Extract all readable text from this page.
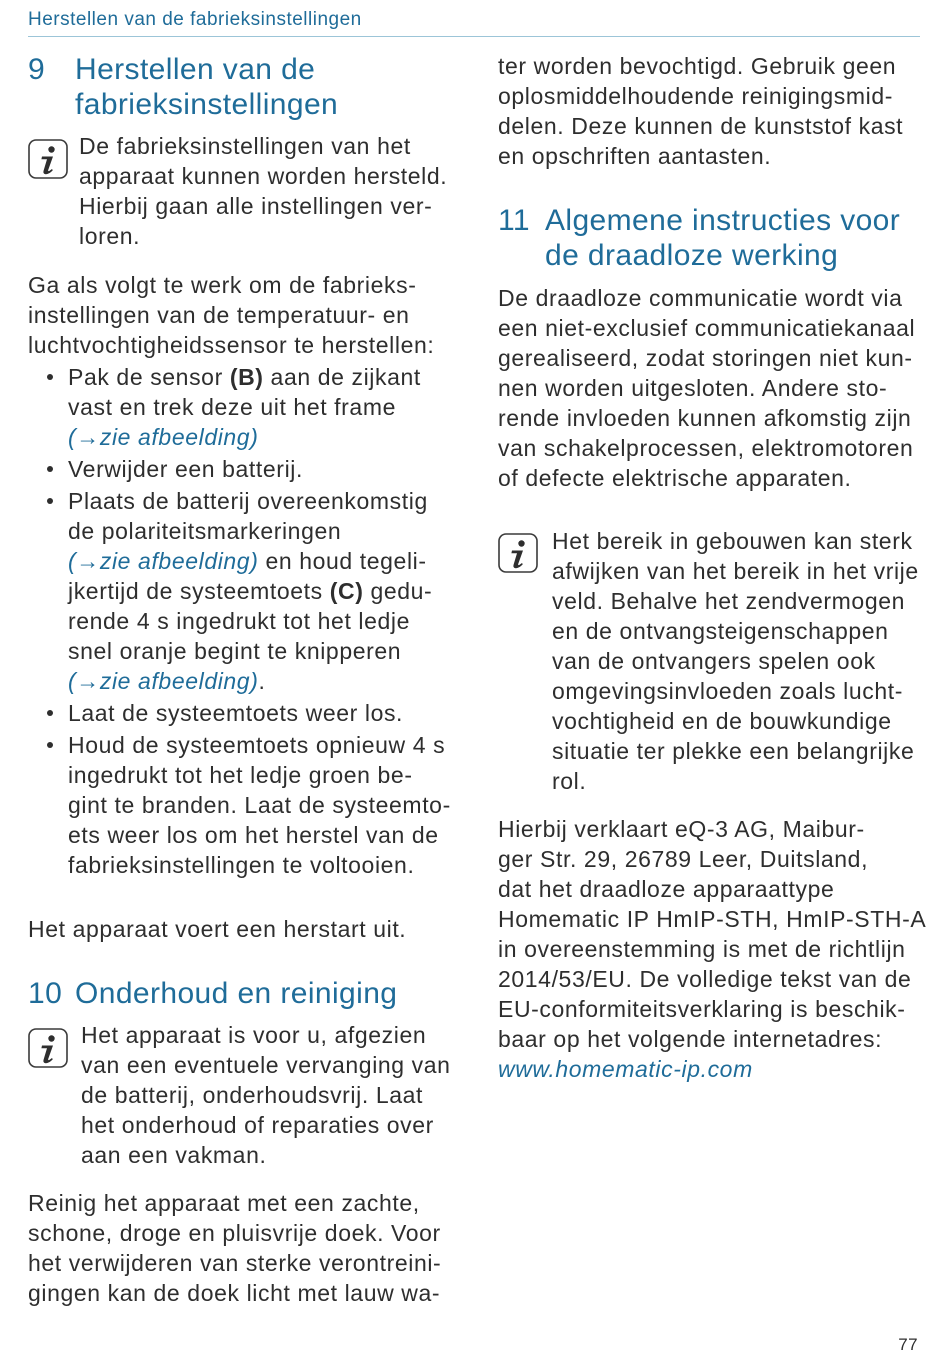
Herstellen van de fabrieksinstellingen
9 Herstellen van de
fabrieksinstellingen
De fabrieksinstellingen van het
apparaat kunnen worden hersteld.
Hierbij gaan alle instellingen ver-
loren.
Ga als volgt te werk om de fabrieks-
instellingen van de temperatuur- en
luchtvochtigheidssensor te herstellen:
Pak de sensor (B) aan de zijkant
vast en trek deze uit het frame
(→zie afbeelding)
Verwijder een batterij.
Plaats de batterij overeenkomstig
de polariteitsmarkeringen
(→zie afbeelding) en houd tegeli-
jkertijd de systeemtoets (C) gedu-
rende 4 s ingedrukt tot het ledje
snel oranje begint te knipperen
(→zie afbeelding).
Laat de systeemtoets weer los.
Houd de systeemtoets opnieuw 4 s
ingedrukt tot het ledje groen be-
gint te branden. Laat de systeemto-
ets weer los om het herstel van de
fabrieksinstellingen te voltooien.
Het apparaat voert een herstart uit.
10 Onderhoud en reiniging
Het apparaat is voor u, afgezien
van een eventuele vervanging van
de batterij, onderhoudsvrij. Laat
het onderhoud of reparaties over
aan een vakman.
Reinig het apparaat met een zachte,
schone, droge en pluisvrije doek. Voor
het verwijderen van sterke verontreini-
gingen kan de doek licht met lauw wa-
ter worden bevochtigd. Gebruik geen
oplosmiddelhoudende reinigingsmid-
delen. Deze kunnen de kunststof kast
en opschriften aantasten.
11 Algemene instructies voor
de draadloze werking
De draadloze communicatie wordt via
een niet-exclusief communicatiekanaal
gerealiseerd, zodat storingen niet kun-
nen worden uitgesloten. Andere sto-
rende invloeden kunnen afkomstig zijn
van schakelprocessen, elektromotoren
of defecte elektrische apparaten.
Het bereik in gebouwen kan sterk
afwijken van het bereik in het vrije
veld. Behalve het zendvermogen
en de ontvangsteigenschappen
van de ontvangers spelen ook
omgevingsinvloeden zoals lucht-
vochtigheid en de bouwkundige
situatie ter plekke een belangrijke
rol.
Hierbij verklaart eQ-3 AG, Maibur-
ger Str. 29, 26789 Leer, Duitsland,
dat het draadloze apparaattype
Homematic IP HmIP-STH, HmIP-STH-A
in overeenstemming is met de richtlijn
2014/53/EU. De volledige tekst van de
EU-conformiteitsverklaring is beschik-
baar op het volgende internetadres:
www.homematic-ip.com
77
